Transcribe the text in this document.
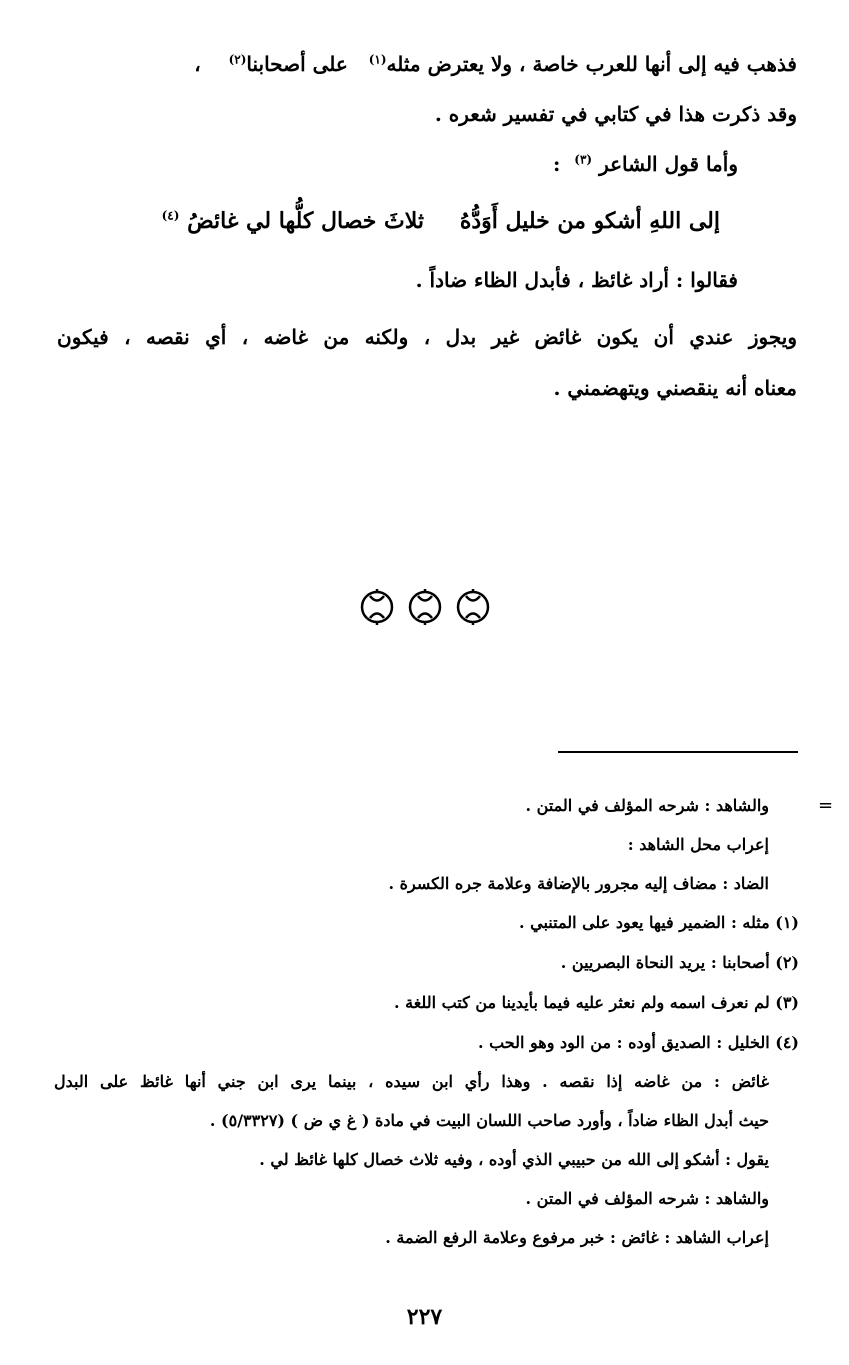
فذهب فيه إلى أنها للعرب خاصة ، ولا يعترض مثله$^{(١)}$   على أصحابنا$^{(٢)}$    ،
وقد ذكرت هذا في كتابي في تفسير شعره .
وأما قول الشاعر $^{(٣)}$  :
إلى اللهِ أشكو من خليل أَوَدُّهُ
ثلاثَ خصال كلُّها لي غائضُ $^{(٤)}$
فقالوا : أراد غائظ ، فأبدل الظاء ضاداً .
ويجوز عندي أن يكون غائض غير بدل ، ولكنه من غاضه ، أي نقصه ، فيكون
معناه أنه ينقصني ويتهضمني .
=
والشاهد : شرحه المؤلف في المتن .
إعراب محل الشاهد :
الضاد : مضاف إليه مجرور بالإضافة وعلامة جره الكسرة .
(١) مثله : الضمير فيها يعود على المتنبي .
(٢) أصحابنا : يريد النحاة البصريين .
(٣) لم نعرف اسمه ولم نعثر عليه فيما بأيدينا من كتب اللغة .
(٤) الخليل : الصديق أوده : من الود وهو الحب .
غائض : من غاضه إذا نقصه . وهذا رأي ابن سيده ، بينما يرى ابن جني أنها غائظ على البدل
حيث أبدل الظاء ضاداً ، وأورد صاحب اللسان البيت في مادة ( غ ي ض ) (٥/٣٣٢٧) .
يقول : أشكو إلى الله من حبيبي الذي أوده ، وفيه ثلاث خصال كلها غائظ لي .
والشاهد : شرحه المؤلف في المتن .
إعراب الشاهد : غائض : خبر مرفوع وعلامة الرفع الضمة .
٢٢٧
